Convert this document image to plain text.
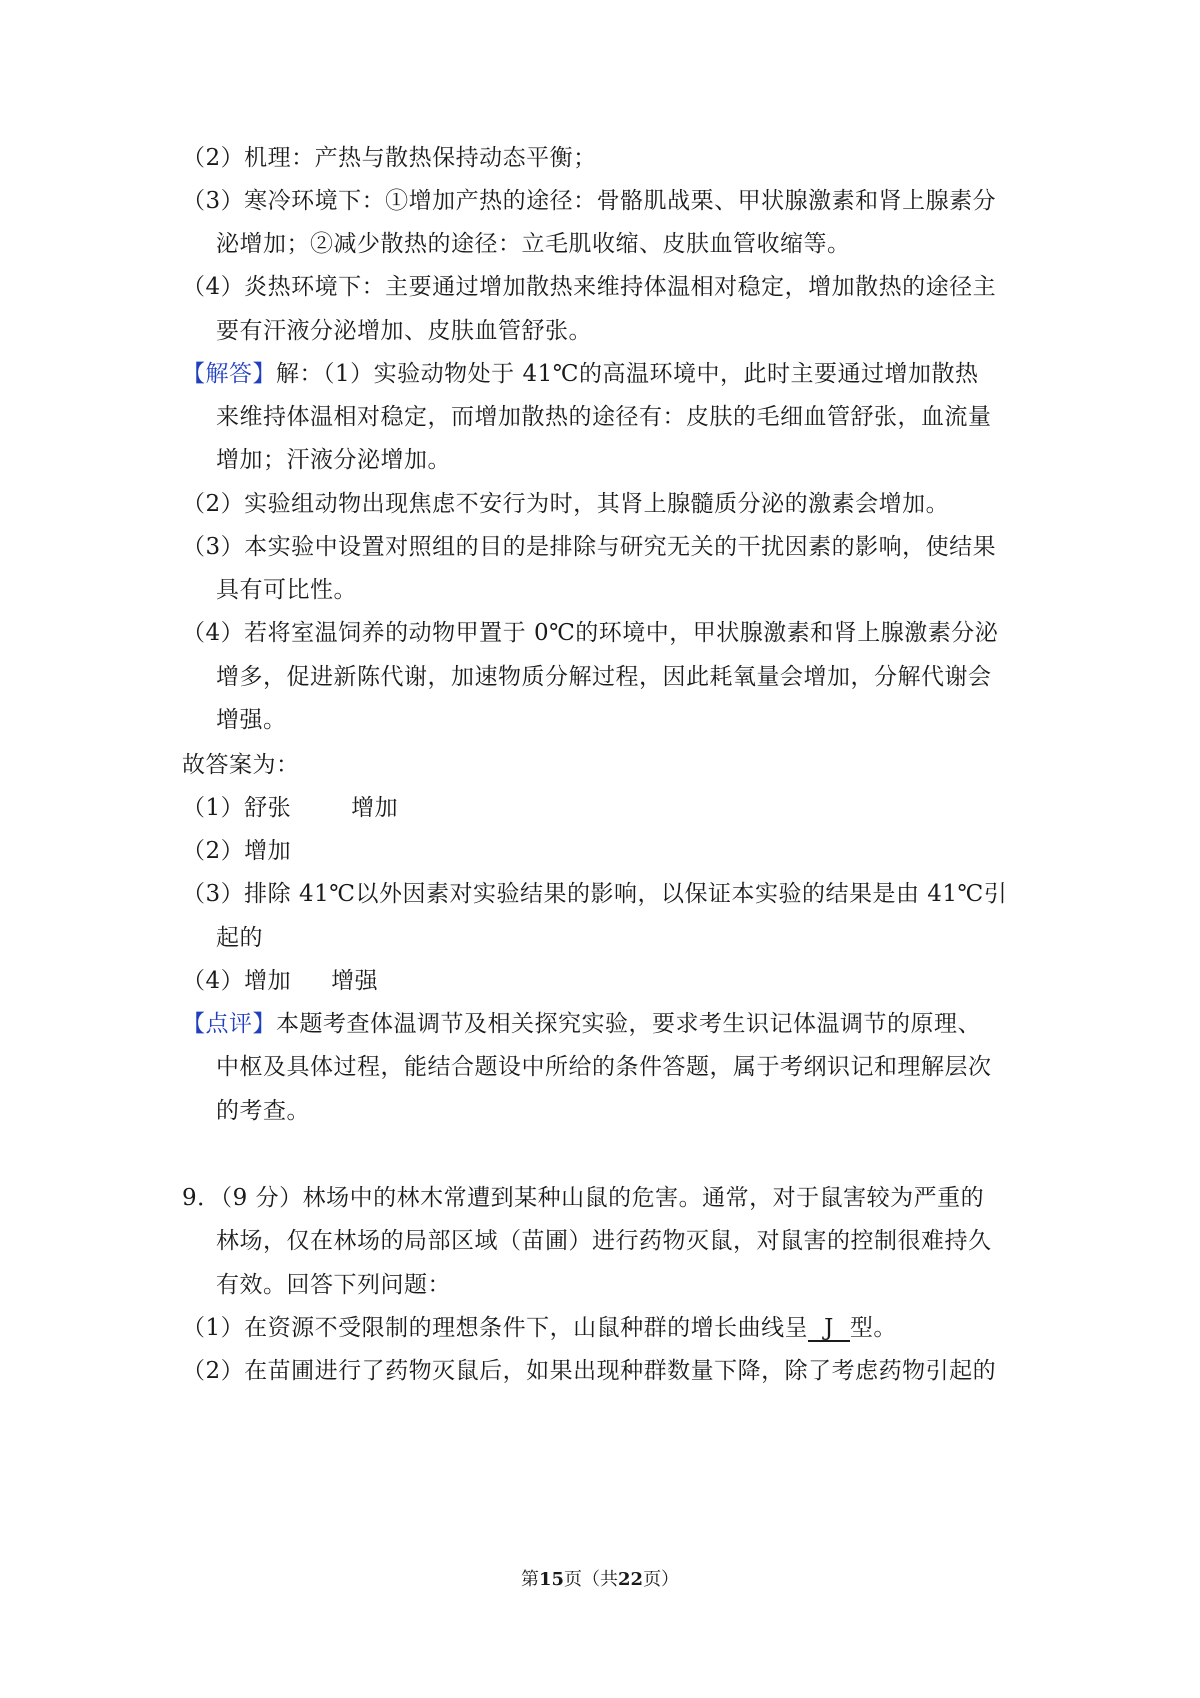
（2）机理：产热与散热保持动态平衡；
（3）寒冷环境下：①增加产热的途径：骨骼肌战栗、甲状腺激素和肾上腺素分
泌增加；②减少散热的途径：立毛肌收缩、皮肤血管收缩等。
（4）炎热环境下：主要通过增加散热来维持体温相对稳定，增加散热的途径主
要有汗液分泌增加、皮肤血管舒张。
【解答】解：（1）实验动物处于 41℃的高温环境中，此时主要通过增加散热
来维持体温相对稳定，而增加散热的途径有：皮肤的毛细血管舒张，血流量
增加；汗液分泌增加。
（2）实验组动物出现焦虑不安行为时，其肾上腺髓质分泌的激素会增加。
（3）本实验中设置对照组的目的是排除与研究无关的干扰因素的影响，使结果
具有可比性。
（4）若将室温饲养的动物甲置于 0℃的环境中，甲状腺激素和肾上腺激素分泌
增多，促进新陈代谢，加速物质分解过程，因此耗氧量会增加，分解代谢会
增强。
故答案为：
（1）舒张	增加
（2）增加
（3）排除 41℃以外因素对实验结果的影响，以保证本实验的结果是由 41℃引
起的
（4）增加 增强
【点评】本题考查体温调节及相关探究实验，要求考生识记体温调节的原理、
中枢及具体过程，能结合题设中所给的条件答题，属于考纲识记和理解层次
的考查。
9．（9 分）林场中的林木常遭到某种山鼠的危害。通常，对于鼠害较为严重的
林场，仅在林场的局部区域（苗圃）进行药物灭鼠，对鼠害的控制很难持久
有效。回答下列问题：
（1）在资源不受限制的理想条件下，山鼠种群的增长曲线呈 J 型。
（2）在苗圃进行了药物灭鼠后，如果出现种群数量下降，除了考虑药物引起的
第15页（共22页）
